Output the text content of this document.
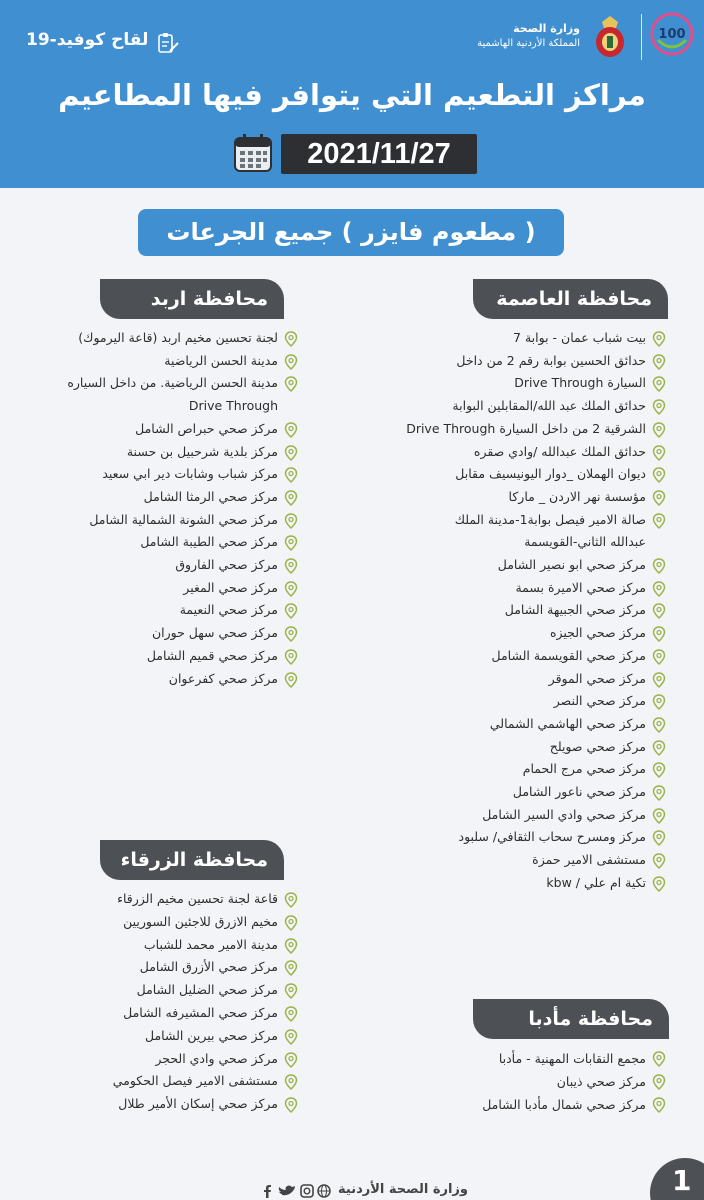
100
وزارة الصحة
المملكة الأردنية الهاشمية
لقاح كوفيد-19
مراكز التطعيم التي يتوافر فيها المطاعيم
2021/11/27
( مطعوم فايزر ) جميع الجرعات
محافظة العاصمة
محافظة اربد
محافظة الزرقاء
محافظة مأدبا
بيت شباب عمان - بوابة 7
حدائق الحسين بوابة رقم 2 من داخل
السيارة Drive Through
حدائق الملك عبد الله/المقابلين البوابة
الشرقية 2 من داخل السيارة Drive Through
حدائق الملك عبدالله /وادي صقره
ديوان الهملان _دوار اليونيسيف مقابل
مؤسسة نهر الاردن _ ماركا
صالة الامير فيصل بوابة1-مدينة الملك
عبدالله الثاني-القويسمة
مركز صحي ابو نصير الشامل
مركز صحي الاميرة بسمة
مركز صحي الجبيهة الشامل
مركز صحي الجيزه
مركز صحي القويسمة الشامل
مركز صحي الموقر
مركز صحي النصر
مركز صحي الهاشمي الشمالي
مركز صحي صويلح
مركز صحي مرج الحمام
مركز صحي ناعور الشامل
مركز صحي وادي السير الشامل
مركز ومسرح سحاب الثقافي/ سلبود
مستشفى الامير حمزة
تكية ام علي / kbw
لجنة تحسين مخيم اربد (قاعة اليرموك)
مدينة الحسن الرياضية
مدينة الحسن الرياضية. من داخل السياره
Drive Through
مركز صحي حبراص الشامل
مركز بلدية شرحبيل بن حسنة
مركز شباب وشابات دير ابي سعيد
مركز صحي الرمثا الشامل
مركز صحي الشونة الشمالية الشامل
مركز صحي الطيبة الشامل
مركز صحي الفاروق
مركز صحي المغير
مركز صحي النعيمة
مركز صحي سهل حوران
مركز صحي قميم الشامل
مركز صحي كفرعوان
قاعة لجنة تحسين مخيم الزرقاء
مخيم الازرق للاجئين السوريين
مدينة الامير محمد للشباب
مركز صحي الأزرق الشامل
مركز صحي الضليل الشامل
مركز صحي المشيرفه الشامل
مركز صحي بيرين الشامل
مركز صحي وادي الحجر
مستشفى الامير فيصل الحكومي
مركز صحي إسكان الأمير طلال
مجمع النقابات المهنية - مأدبا
مركز صحي ذيبان
مركز صحي شمال مأدبا الشامل
وزارة الصحة الأردنية	1
